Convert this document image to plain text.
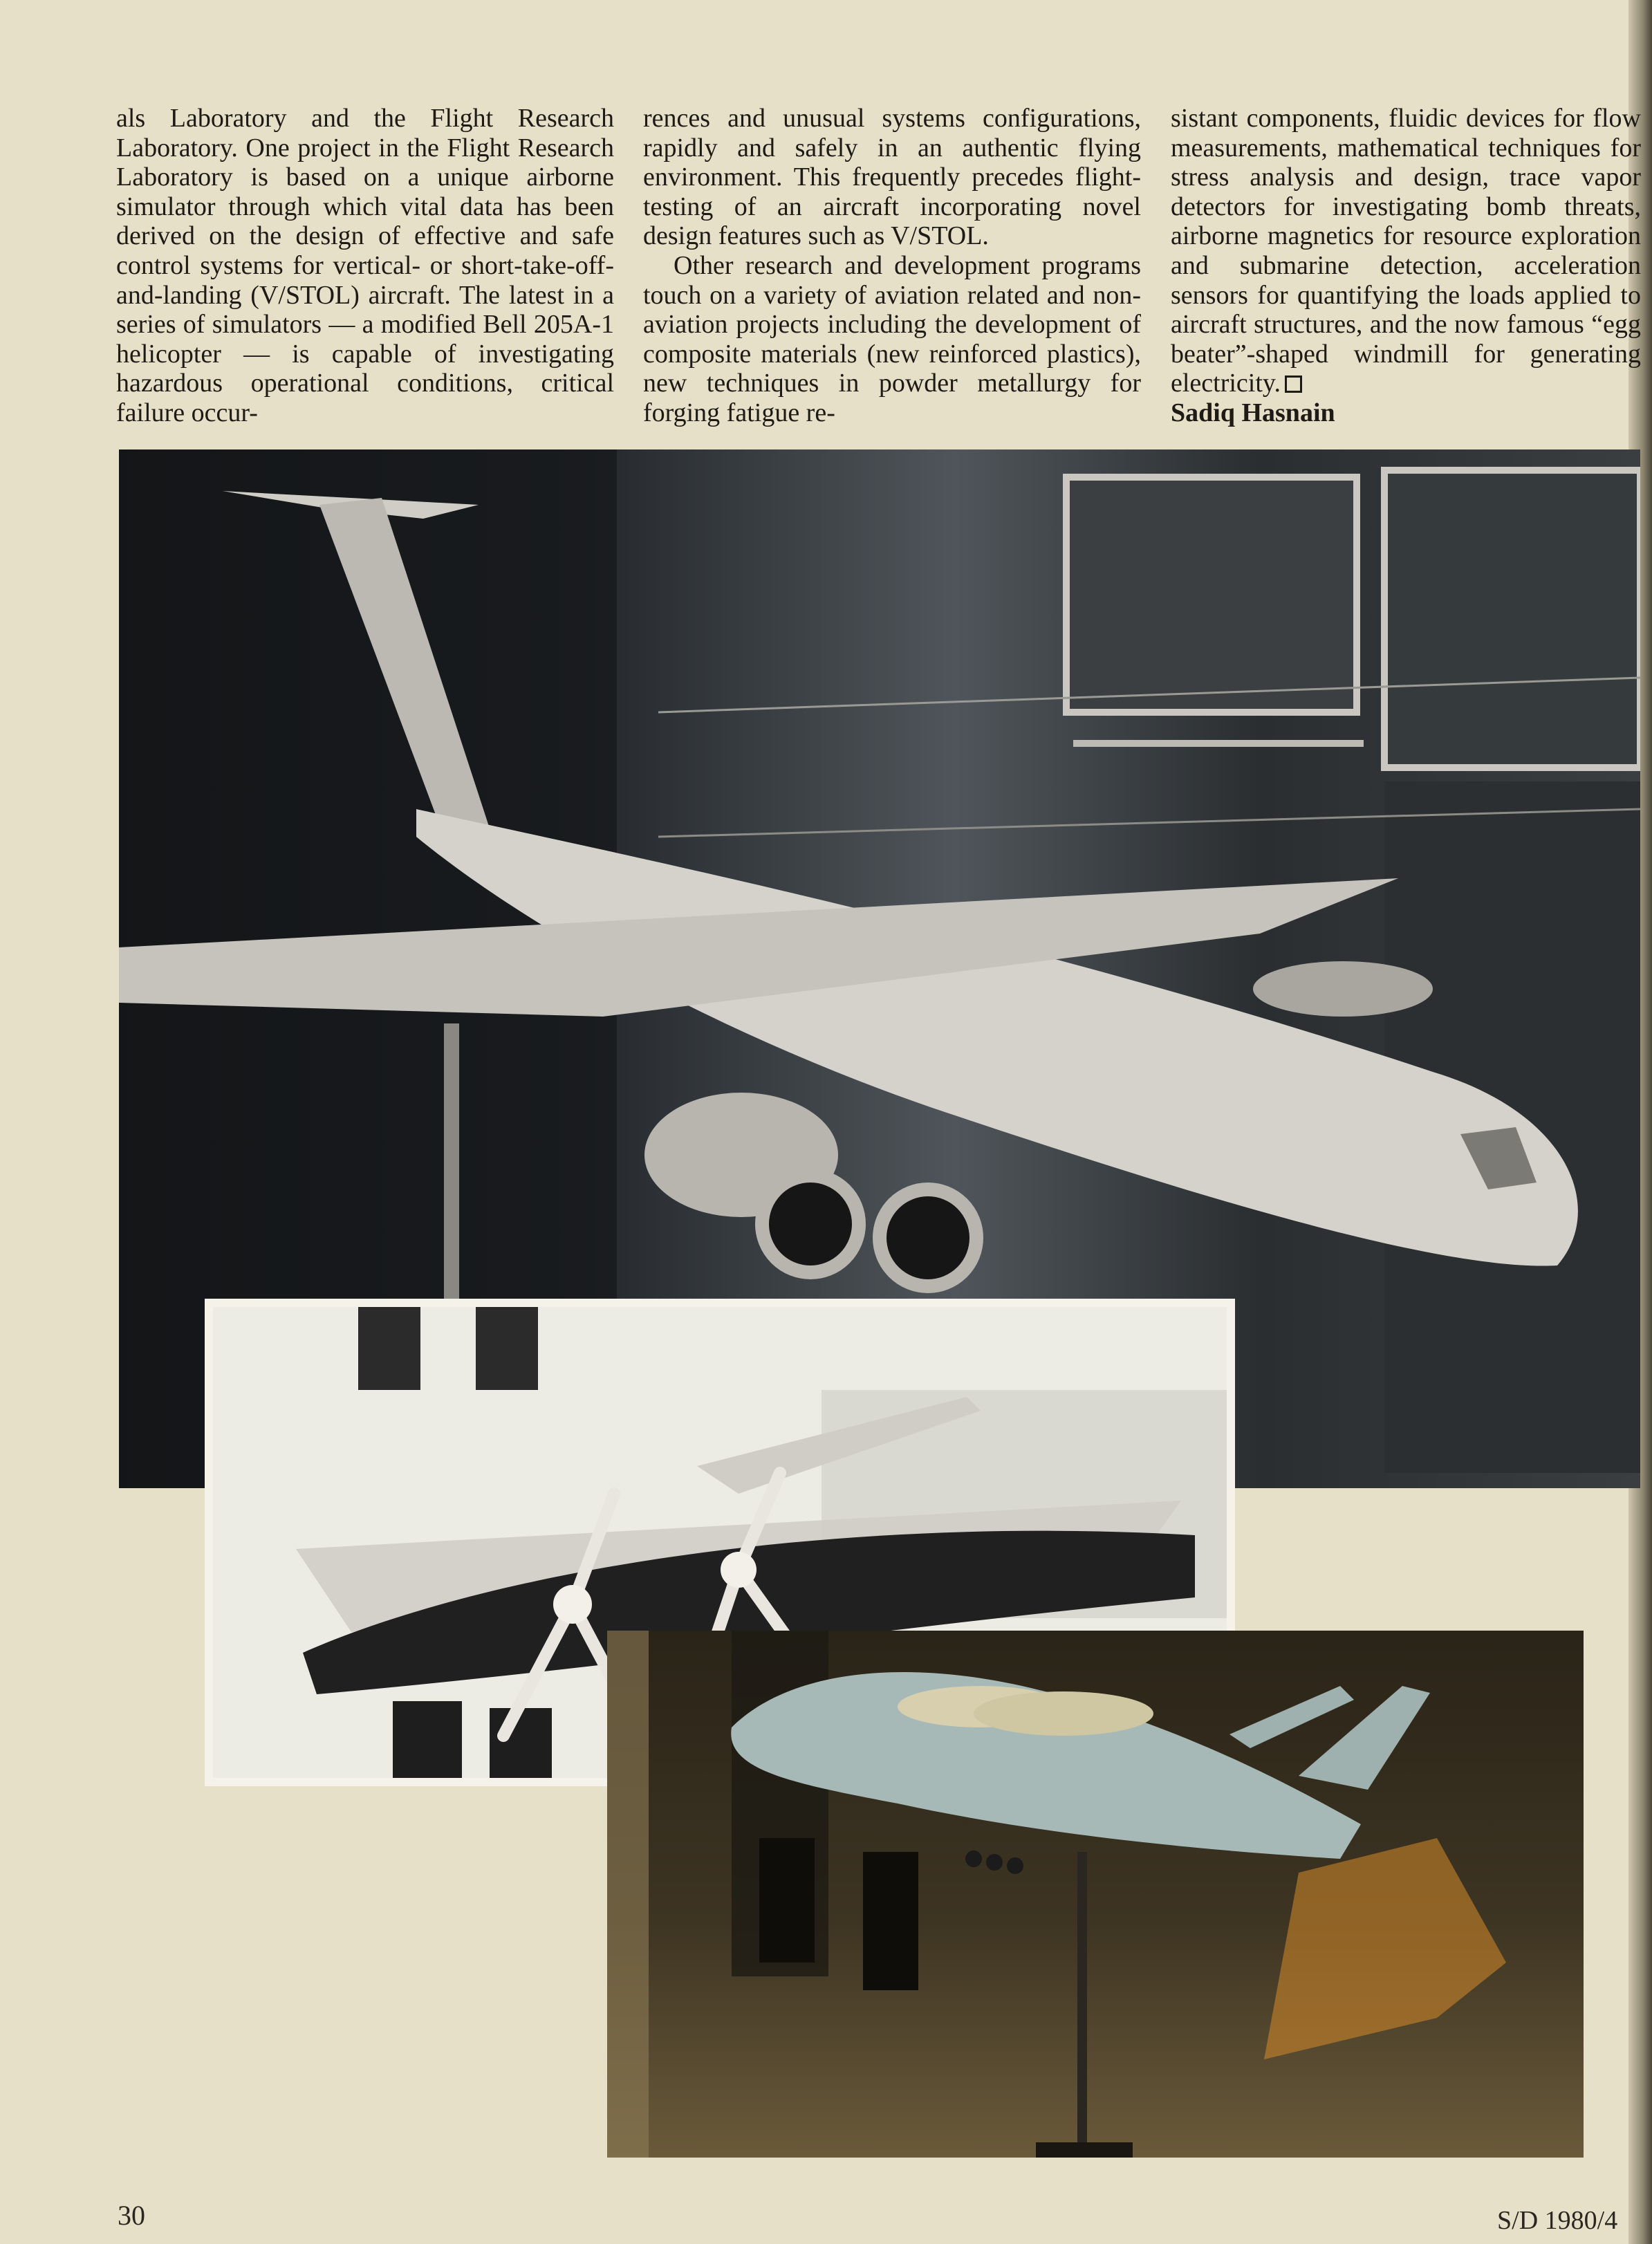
als Laboratory and the Flight Research Laboratory. One project in the Flight Research Laboratory is based on a unique airborne simulator through which vital data has been derived on the design of effective and safe control systems for vertical- or short-take-off-and-landing (V/STOL) aircraft. The latest in a series of simulators — a modified Bell 205A-1 helicopter — is capable of investigating hazardous operational conditions, critical failure occur-

rences and unusual systems configurations, rapidly and safely in an authentic flying environment. This frequently precedes flight-testing of an aircraft incorporating novel design features such as V/STOL.

Other research and development programs touch on a variety of aviation related and non-aviation projects including the development of composite materials (new reinforced plastics), new techniques in powder metallurgy for forging fatigue re-

sistant components, fluidic devices for flow measurements, mathematical techniques for stress analysis and design, trace vapor detectors for investigating bomb threats, airborne magnetics for resource exploration and submarine detection, acceleration sensors for quantifying the loads applied to aircraft structures, and the now famous “egg beater”-shaped windmill for generating electricity.

Sadiq Hasnain
30	S/D 1980/4
